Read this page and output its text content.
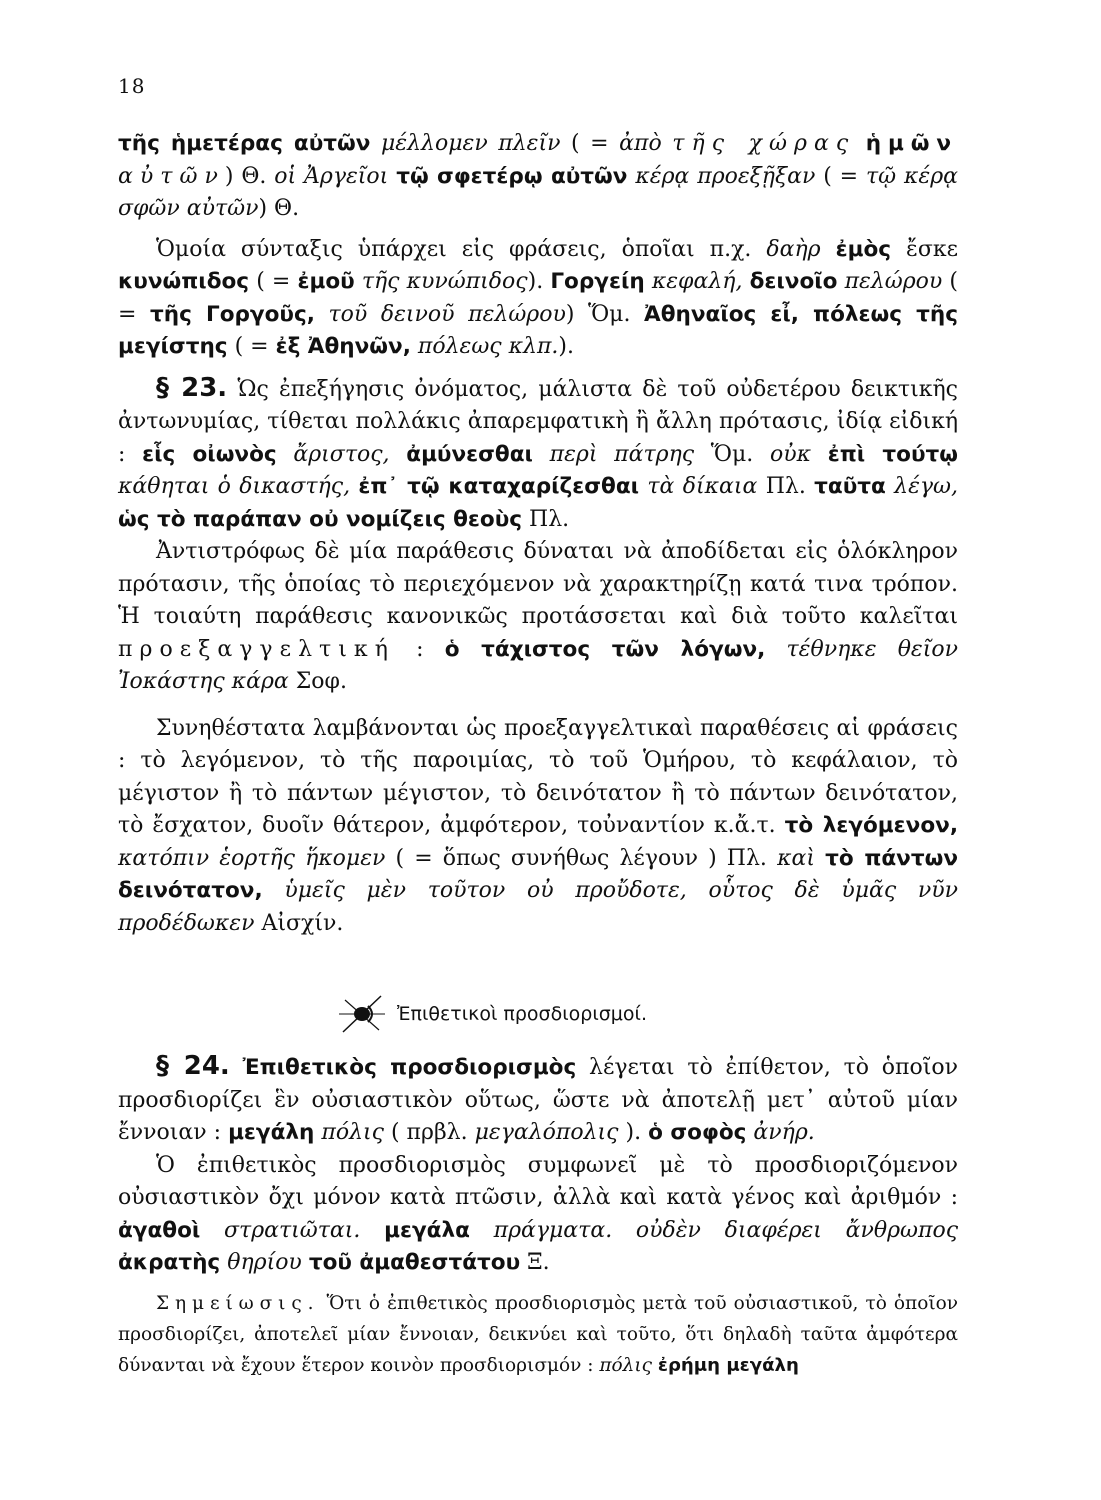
18

τῆς ἡμετέρας αὐτῶν μέλλομεν πλεῖν ( = ἀπὸ τῆς χώρας ἡμῶν αὐτῶν) Θ. οἱ Ἀργεῖοι τῷ σφετέρῳ αὐτῶν κέρᾳ προεξῇξαν ( = τῷ κέρᾳ σφῶν αὐτῶν) Θ.

Ὁμοία σύνταξις ὑπάρχει εἰς φράσεις, ὁποῖαι π.χ. δαὴρ ἐμὸς ἔσκε κυνώπιδος ( = ἐμοῦ τῆς κυνώπιδος). Γοργείη κεφαλή, δεινοῖο πελώρου ( = τῆς Γοργοῦς, τοῦ δεινοῦ πελώρου) Ὅμ. Ἀθηναῖος εἶ, πόλεως τῆς μεγίστης ( = ἐξ Ἀθηνῶν, πόλεως κλπ.).

§ 23. Ὡς ἐπεξήγησις ὀνόματος, μάλιστα δὲ τοῦ οὐδετέρου δεικτικῆς ἀντωνυμίας, τίθεται πολλάκις ἀπαρεμφατικὴ ἢ ἄλλη πρότασις, ἰδίᾳ εἰδική : εἷς οἰωνὸς ἄριστος, ἀμύνεσθαι περὶ πάτρης Ὅμ. οὐκ ἐπὶ τούτῳ κάθηται ὁ δικαστής, ἐπ᾽ τῷ καταχαρίζεσθαι τὰ δίκαια Πλ. ταῦτα λέγω, ὡς τὸ παράπαν οὐ νομίζεις θεοὺς Πλ.

Ἀντιστρόφως δὲ μία παράθεσις δύναται νὰ ἀποδίδεται εἰς ὁλόκληρον πρότασιν, τῆς ὁποίας τὸ περιεχόμενον νὰ χαρακτηρίζῃ κατά τινα τρόπον. Ἡ τοιαύτη παράθεσις κανονικῶς προτάσσεται καὶ διὰ τοῦτο καλεῖται προεξαγγελτική : ὁ τάχιστος τῶν λόγων, τέθνηκε θεῖον Ἰοκάστης κάρα Σοφ.

Συνηθέστατα λαμβάνονται ὡς προεξαγγελτικαὶ παραθέσεις αἱ φράσεις : τὸ λεγόμενον, τὸ τῆς παροιμίας, τὸ τοῦ Ὁμήρου, τὸ κεφάλαιον, τὸ μέγιστον ἢ τὸ πάντων μέγιστον, τὸ δεινότατον ἢ τὸ πάντων δεινότατον, τὸ ἔσχατον, δυοῖν θάτερον, ἀμφότερον, τοὐναντίον κ.ἄ.τ. τὸ λεγόμενον, κατόπιν ἑορτῆς ἥκομεν ( = ὅπως συνήθως λέγουν ) Πλ. καὶ τὸ πάντων δεινότατον, ὑμεῖς μὲν τοῦτον οὐ προὔδοτε, οὗτος δὲ ὑμᾶς νῦν προδέδωκεν Αἰσχίν.

Ἐπιθετικοὶ προσδιορισμοί.

§ 24. Ἐπιθετικὸς προσδιορισμὸς λέγεται τὸ ἐπίθετον, τὸ ὁποῖον προσδιορίζει ἓν οὐσιαστικὸν οὕτως, ὥστε νὰ ἀποτελῇ μετ᾽ αὐτοῦ μίαν ἔννοιαν : μεγάλη πόλις ( πρβλ. μεγαλόπολις ). ὁ σοφὸς ἀνήρ.

Ὁ ἐπιθετικὸς προσδιορισμὸς συμφωνεῖ μὲ τὸ προσδιοριζόμενον οὐσιαστικὸν ὄχι μόνον κατὰ πτῶσιν, ἀλλὰ καὶ κατὰ γένος καὶ ἀριθμόν : ἀγαθοὶ στρατιῶται. μεγάλα πράγματα. οὐδὲν διαφέρει ἄνθρωπος ἀκρατὴς θηρίου τοῦ ἀμαθεστάτου Ξ.

Σημείωσις. Ὅτι ὁ ἐπιθετικὸς προσδιορισμὸς μετὰ τοῦ οὐσιαστικοῦ, τὸ ὁποῖον προσδιορίζει, ἀποτελεῖ μίαν ἔννοιαν, δεικνύει καὶ τοῦτο, ὅτι δηλαδὴ ταῦτα ἀμφότερα δύνανται νὰ ἔχουν ἕτερον κοινὸν προσδιορισμόν : πόλις ἐρήμη μεγάλη
